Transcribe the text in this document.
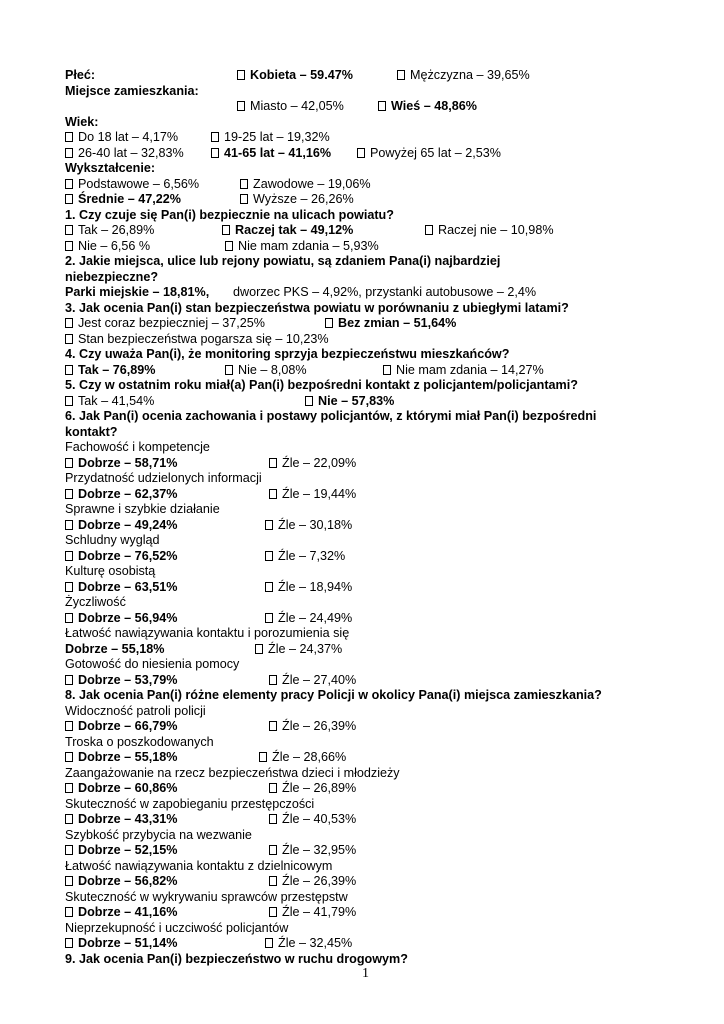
Płeć:	Kobieta – 59.47%	Mężczyzna – 39,65%
Miejsce zamieszkania:
Miasto – 42,05%	Wieś – 48,86%
Wiek:
Do 18 lat – 4,17%	19-25 lat – 19,32%
26-40 lat – 32,83%	41-65 lat – 41,16%	Powyżej 65 lat – 2,53%
Wykształcenie:
Podstawowe – 6,56%	Zawodowe – 19,06%
Średnie – 47,22%	Wyższe – 26,26%
1. Czy czuje się Pan(i) bezpiecznie na ulicach powiatu?
Tak – 26,89%	Raczej tak – 49,12%	Raczej nie – 10,98%
Nie – 6,56 %	Nie mam zdania – 5,93%
2. Jakie miejsca, ulice lub rejony powiatu, są zdaniem Pana(i) najbardziej
niebezpieczne?
Parki miejskie – 18,81%, dworzec PKS – 4,92%, przystanki autobusowe – 2,4%
3. Jak ocenia Pan(i) stan bezpieczeństwa powiatu w porównaniu z ubiegłymi latami?
Jest coraz bezpieczniej – 37,25%	Bez zmian – 51,64%
Stan bezpieczeństwa pogarsza się – 10,23%
4. Czy uważa Pan(i), że monitoring sprzyja bezpieczeństwu mieszkańców?
Tak – 76,89%	Nie – 8,08%	Nie mam zdania – 14,27%
5. Czy w ostatnim roku miał(a) Pan(i) bezpośredni kontakt z policjantem/policjantami?
Tak – 41,54%	Nie – 57,83%
6. Jak Pan(i) ocenia zachowania i postawy policjantów, z którymi miał Pan(i) bezpośredni
kontakt?
Fachowość i kompetencje
Dobrze – 58,71%	Źle – 22,09%
Przydatność udzielonych informacji
Dobrze – 62,37%	Źle – 19,44%
Sprawne i szybkie działanie
Dobrze – 49,24%	Źle – 30,18%
Schludny wygląd
Dobrze – 76,52%	Źle – 7,32%
Kulturę osobistą
Dobrze – 63,51%	Źle – 18,94%
Życzliwość
Dobrze – 56,94%	Źle – 24,49%
Łatwość nawiązywania kontaktu i porozumienia się
Dobrze – 55,18%	Źle – 24,37%
Gotowość do niesienia pomocy
Dobrze – 53,79%	Źle – 27,40%
8. Jak ocenia Pan(i) różne elementy pracy Policji w okolicy Pana(i) miejsca zamieszkania?
Widoczność patroli policji
Dobrze – 66,79%	Źle – 26,39%
Troska o poszkodowanych
Dobrze – 55,18%	Źle – 28,66%
Zaangażowanie na rzecz bezpieczeństwa dzieci i młodzieży
Dobrze – 60,86%	Źle – 26,89%
Skuteczność w zapobieganiu przestępczości
Dobrze – 43,31%	Źle – 40,53%
Szybkość przybycia na wezwanie
Dobrze – 52,15%	Źle – 32,95%
Łatwość nawiązywania kontaktu z dzielnicowym
Dobrze – 56,82%	Źle – 26,39%
Skuteczność w wykrywaniu sprawców przestępstw
Dobrze – 41,16%	Źle – 41,79%
Nieprzekupność i uczciwość policjantów
Dobrze – 51,14%	Źle – 32,45%
9. Jak ocenia Pan(i) bezpieczeństwo w ruchu drogowym?
1
